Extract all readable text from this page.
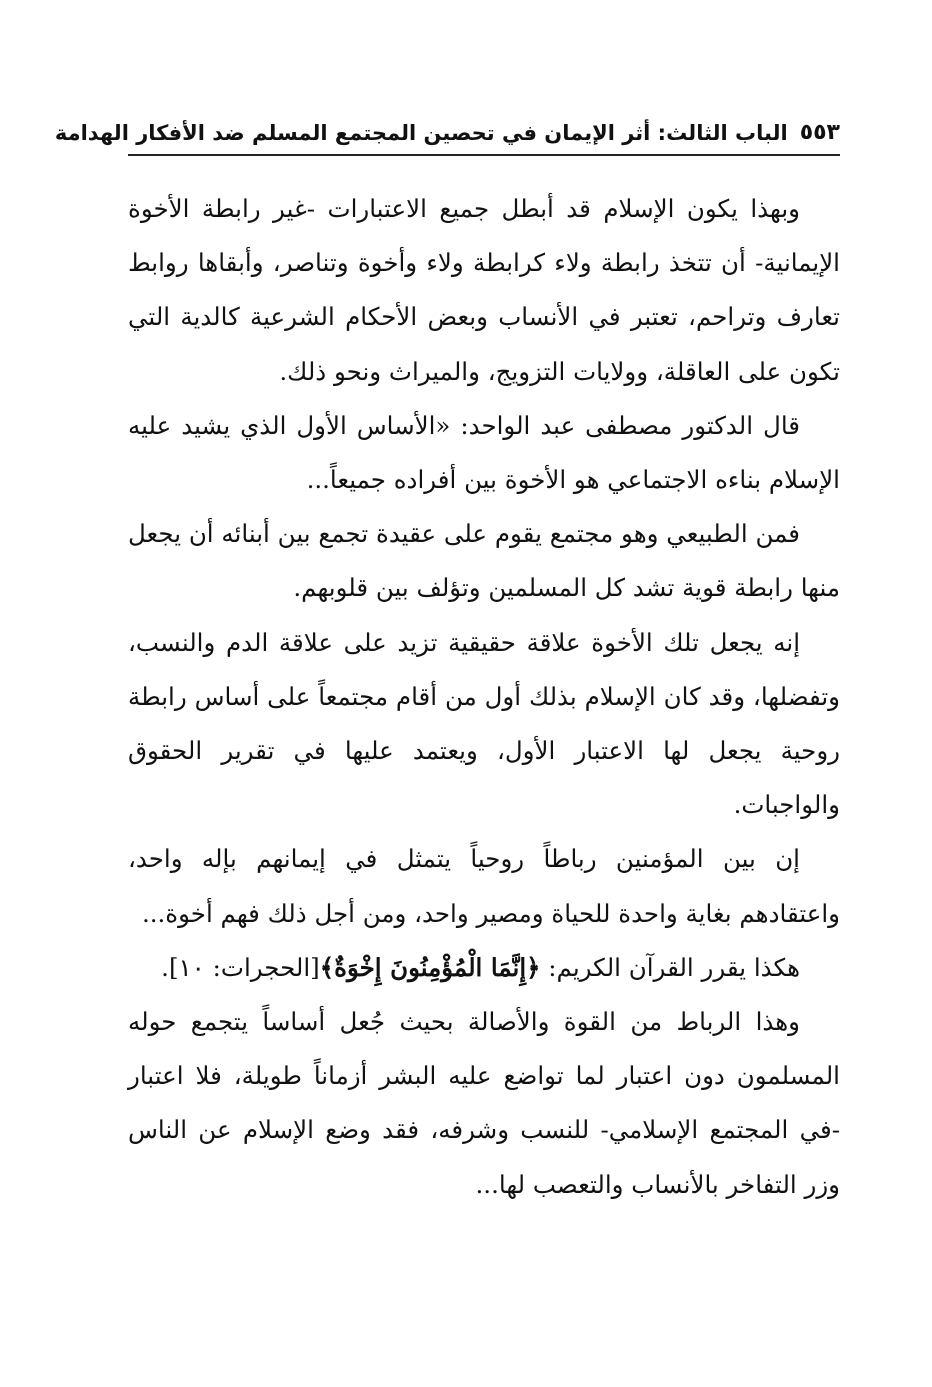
٥٥٣
الباب الثالث: أثر الإيمان في تحصين المجتمع المسلم ضد الأفكار الهدامة

وبهذا يكون الإسلام قد أبطل جميع الاعتبارات -غير رابطة الأخوة الإيمانية- أن تتخذ رابطة ولاء كرابطة ولاء وأخوة وتناصر، وأبقاها روابط تعارف وتراحم، تعتبر في الأنساب وبعض الأحكام الشرعية كالدية التي تكون على العاقلة، وولايات التزويج، والميراث ونحو ذلك.

قال الدكتور مصطفى عبد الواحد: «الأساس الأول الذي يشيد عليه الإسلام بناءه الاجتماعي هو الأخوة بين أفراده جميعاً...

فمن الطبيعي وهو مجتمع يقوم على عقيدة تجمع بين أبنائه أن يجعل منها رابطة قوية تشد كل المسلمين وتؤلف بين قلوبهم.

إنه يجعل تلك الأخوة علاقة حقيقية تزيد على علاقة الدم والنسب، وتفضلها، وقد كان الإسلام بذلك أول من أقام مجتمعاً على أساس رابطة روحية يجعل لها الاعتبار الأول، ويعتمد عليها في تقرير الحقوق والواجبات.

إن بين المؤمنين رباطاً روحياً يتمثل في إيمانهم بإله واحد، واعتقادهم بغاية واحدة للحياة ومصير واحد، ومن أجل ذلك فهم أخوة...

هكذا يقرر القرآن الكريم: ﴿إِنَّمَا الْمُؤْمِنُونَ إِخْوَةٌ﴾[الحجرات: ١٠].

وهذا الرباط من القوة والأصالة بحيث جُعل أساساً يتجمع حوله المسلمون دون اعتبار لما تواضع عليه البشر أزماناً طويلة، فلا اعتبار -في المجتمع الإسلامي- للنسب وشرفه، فقد وضع الإسلام عن الناس وزر التفاخر بالأنساب والتعصب لها...
